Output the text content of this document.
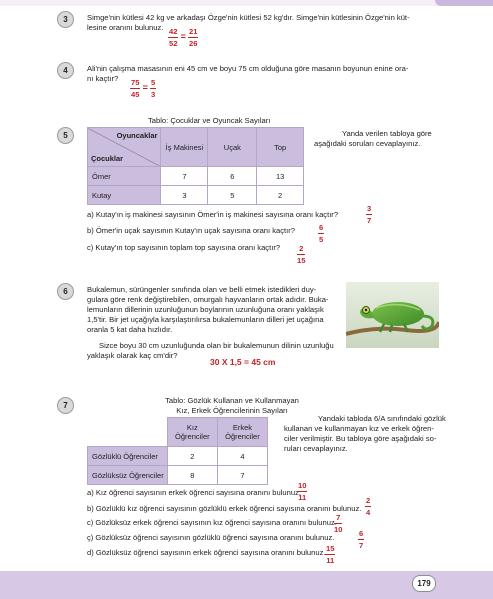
3	Simge'nin kütlesi 42 kg ve arkadaşı Özge'nin kütlesi 52 kg'dır. Simge'nin kütlesinin Özge'nin küt-
lesine oranını bulunuz. $\frac{42}{52} = \frac{21}{26}$
4	Ali'nin çalışma masasının eni 45 cm ve boyu 75 cm olduğuna göre masanın boyunun enine ora-
nı kaçtır?	$\frac{75}{45} = \frac{5}{3}$
Tablo: Çocuklar ve Oyuncak Sayıları
5	Oyuncaklar
Çocuklar	İş Makinesi	Uçak	Top
Ömer	7	6	13
Kutay	3	5	2
Yanda verilen tabloya göre
aşağıdaki soruları cevaplayınız.
a) Kutay'ın iş makinesi sayısının Ömer'in iş makinesi sayısına oranı kaçtır?	$\frac{3}{7}$
b) Ömer'in uçak sayısının Kutay'ın uçak sayısına oranı kaçtır?	$\frac{6}{5}$
c) Kutay'ın top sayısının toplam top sayısına oranı kaçtır? $\frac{2}{15}$
6	Bukalemun, sürüngenler sınıfında olan ve belli etmek istedikleri duy-
gulara göre renk değiştirebilen, omurgalı hayvanların ortak adıdır. Buka-
lemunların dillerinin uzunluğunun boylarının uzunluğuna oranı yaklaşık
1,5'tir. Bir jet uçağıyla karşılaştırılırsa bukalemunların dilleri jet uçağına
oranla 5 kat daha hızlıdır.
Sizce boyu 30 cm uzunluğunda olan bir bukalemunun dilinin uzunluğu
yaklaşık olarak kaç cm'dir?
30 X 1,5 = 45 cm
Tablo: Gözlük Kullanan ve Kullanmayan
Kız, Erkek Öğrencilerinin Sayıları
7
	Kız Öğrenciler	Erkek Öğrenciler
Gözlüklü Öğrenciler	2	4
Gözlüksüz Öğrenciler	8	7
Yandaki tabloda 6/A sınıfındaki gözlük
kullanan ve kullanmayan kız ve erkek öğren-
ciler verilmiştir. Bu tabloya göre aşağıdaki so-
ruları cevaplayınız.
a) Kız öğrenci sayısının erkek öğrenci sayısına oranını bulunuz.
$\frac{10}{11}$
b) Gözlüklü kız öğrenci sayısının gözlüklü erkek öğrenci sayısına oranını bulunuz. $\frac{2}{4}$
c) Gözlüksüz erkek öğrenci sayısının kız öğrenci sayısına oranını bulunuz.
$\frac{7}{10}$
ç) Gözlüksüz öğrenci sayısının gözlüklü öğrenci sayısına oranını bulunuz.	$\frac{6}{7}$
d) Gözlüksüz öğrenci sayısının erkek öğrenci sayısına oranını bulunuz. $\frac{15}{11}$
179
